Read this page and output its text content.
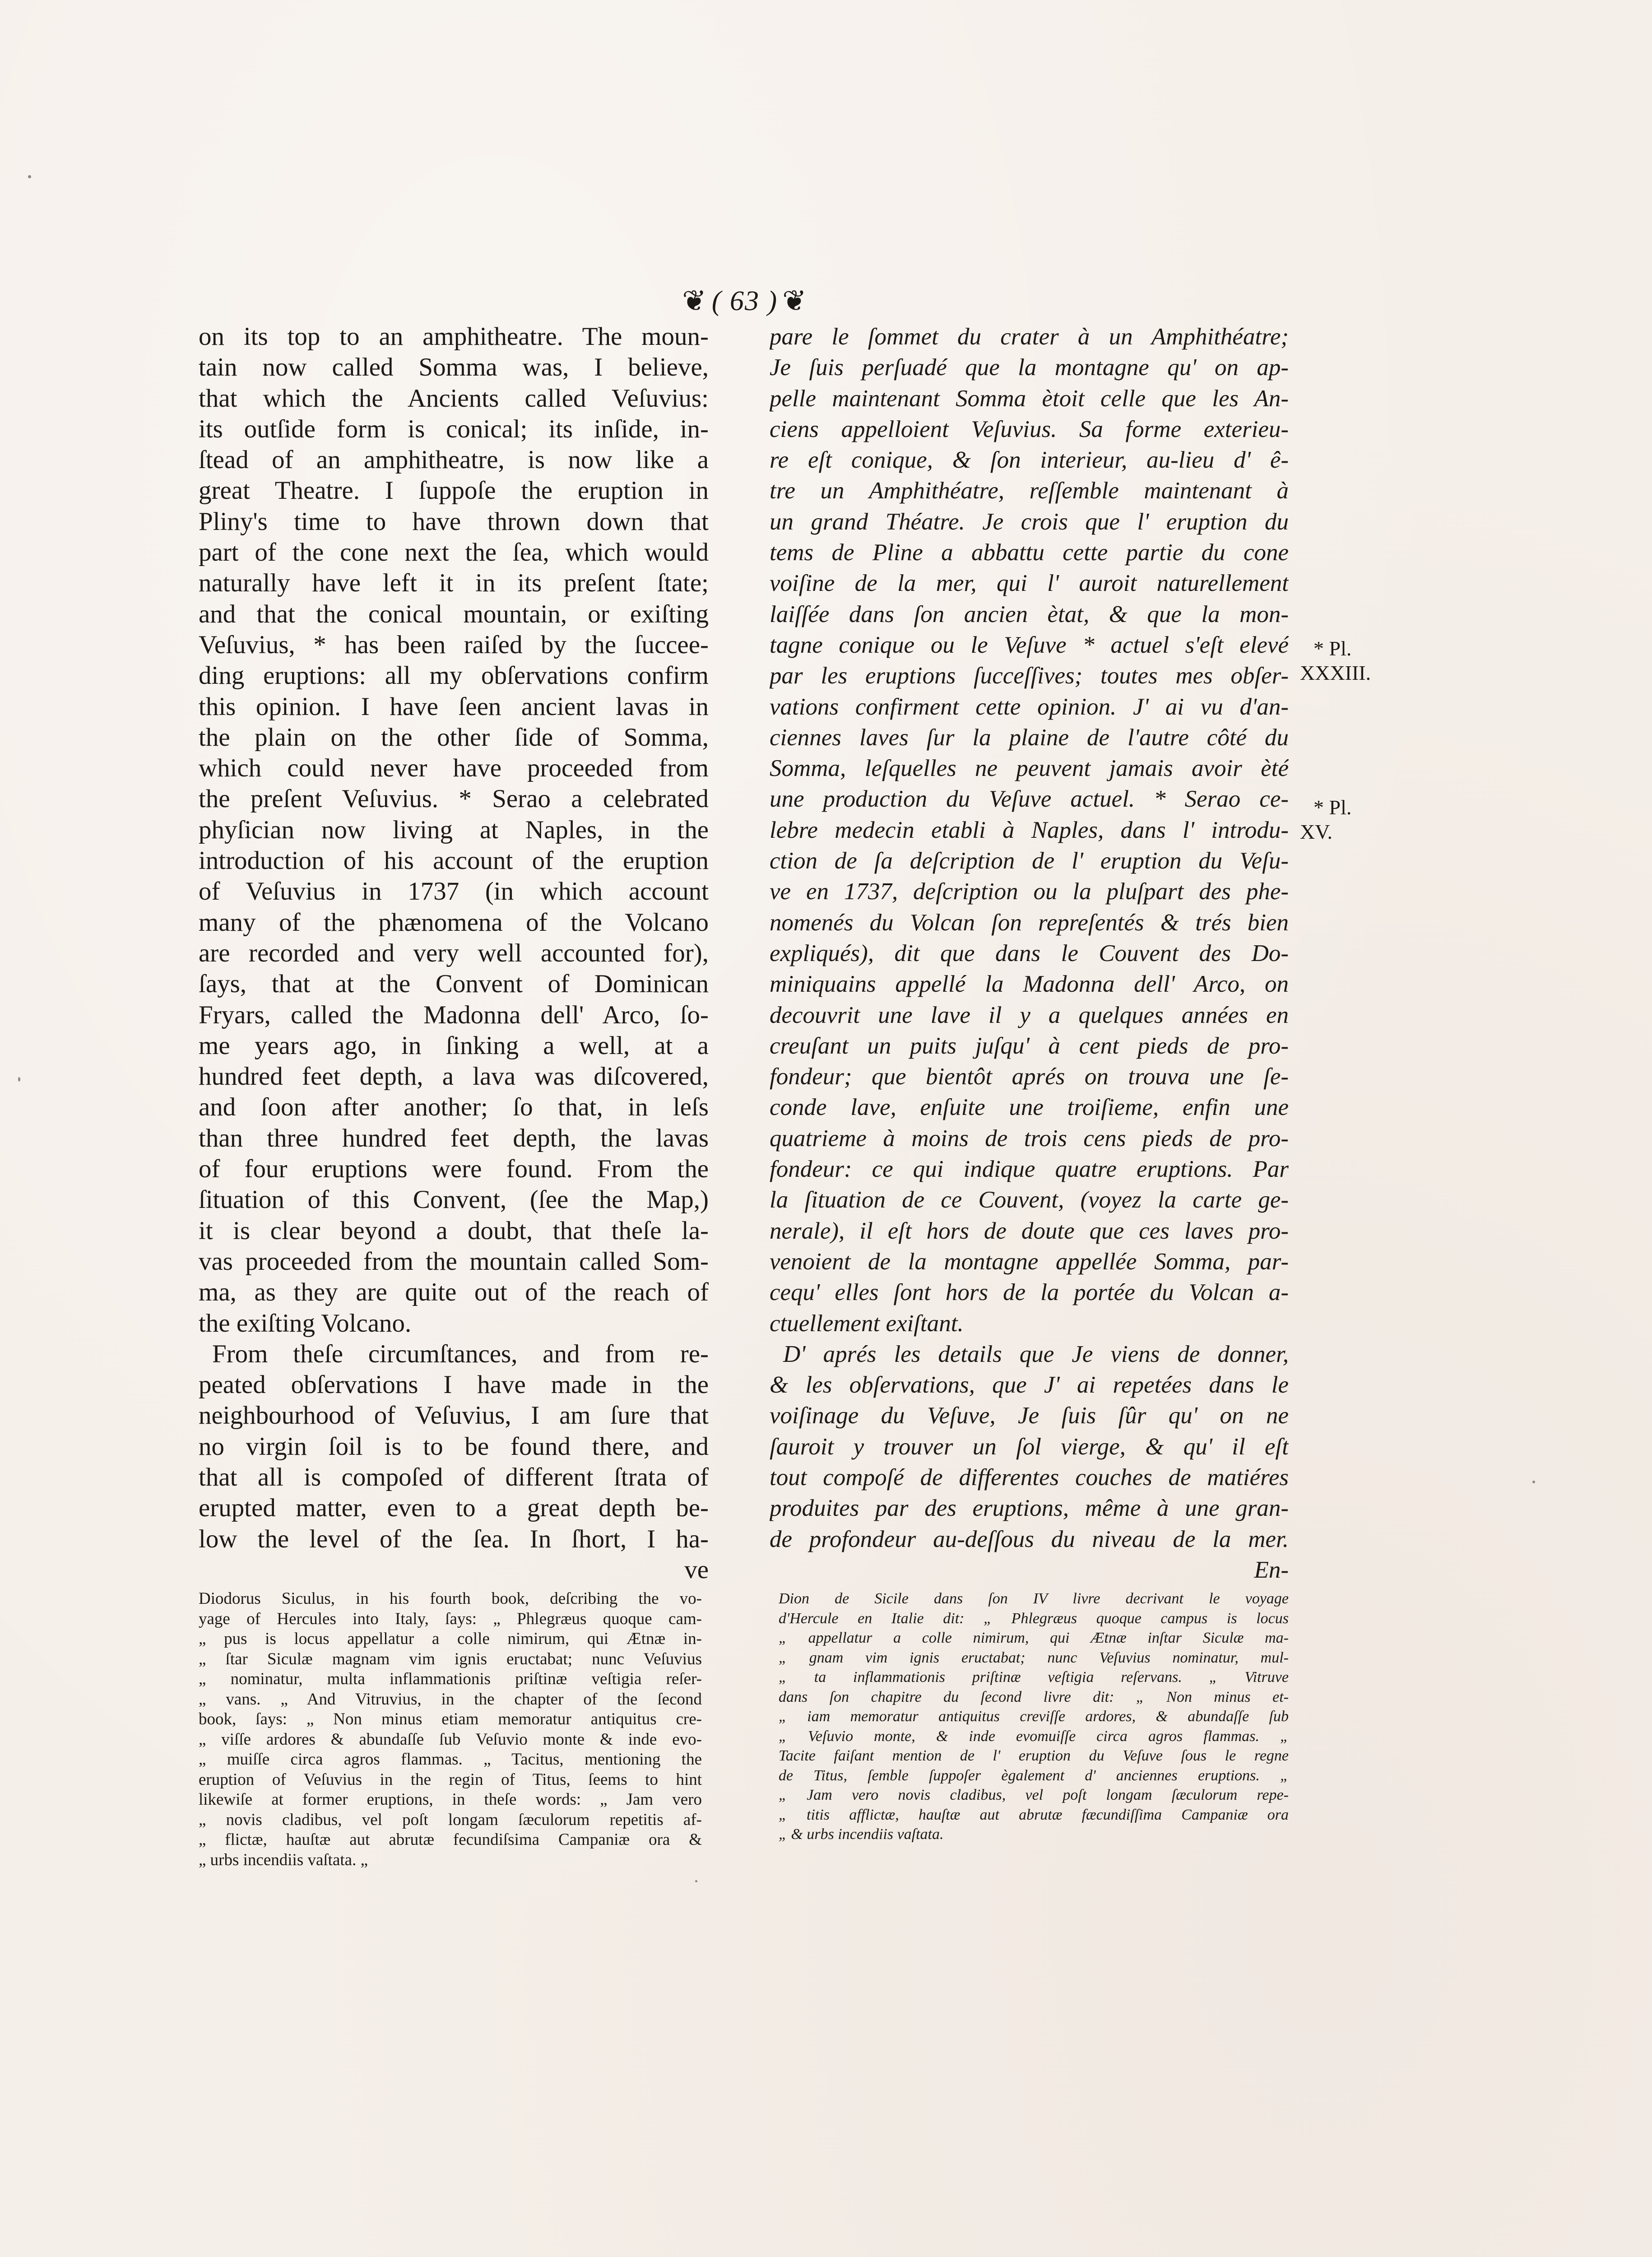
❦ ( 63 ) ❦
on its top to an amphitheatre. The moun-
tain now called Somma was, I believe,
that which the Ancients called Veſuvius:
its outſide form is conical; its inſide, in-
ſtead of an amphitheatre, is now like a
great Theatre. I ſuppoſe the eruption in
Pliny's time to have thrown down that
part of the cone next the ſea, which would
naturally have left it in its preſent ſtate;
and that the conical mountain, or exiſting
Veſuvius, * has been raiſed by the ſuccee-
ding eruptions: all my obſervations confirm
this opinion. I have ſeen ancient lavas in
the plain on the other ſide of Somma,
which could never have proceeded from
the preſent Veſuvius. * Serao a celebrated
phyſician now living at Naples, in the
introduction of his account of the eruption
of Veſuvius in 1737 (in which account
many of the phænomena of the Volcano
are recorded and very well accounted for),
ſays, that at the Convent of Dominican
Fryars, called the Madonna dell' Arco, ſo-
me years ago, in ſinking a well, at a
hundred feet depth, a lava was diſcovered,
and ſoon after another; ſo that, in leſs
than three hundred feet depth, the lavas
of four eruptions were found. From the
ſituation of this Convent, (ſee the Map,)
it is clear beyond a doubt, that theſe la-
vas proceeded from the mountain called Som-
ma, as they are quite out of the reach of
the exiſting Volcano.
From theſe circumſtances, and from re-
peated obſervations I have made in the
neighbourhood of Veſuvius, I am ſure that
no virgin ſoil is to be found there, and
that all is compoſed of different ſtrata of
erupted matter, even to a great depth be-
low the level of the ſea. In ſhort, I ha-
ve
pare le ſommet du crater à un Amphithéatre;
Je ſuis perſuadé que la montagne qu' on ap-
pelle maintenant Somma ètoit celle que les An-
ciens appelloient Veſuvius. Sa forme exterieu-
re eſt conique, & ſon interieur, au-lieu d' ê-
tre un Amphithéatre, reſſemble maintenant à
un grand Théatre. Je crois que l' eruption du
tems de Pline a abbattu cette partie du cone
voiſine de la mer, qui l' auroit naturellement
laiſſée dans ſon ancien ètat, & que la mon-
tagne conique ou le Veſuve * actuel s'eſt elevé
par les eruptions ſucceſſives; toutes mes obſer-
vations confirment cette opinion. J' ai vu d'an-
ciennes laves ſur la plaine de l'autre côté du
Somma, leſquelles ne peuvent jamais avoir èté
une production du Veſuve actuel. * Serao ce-
lebre medecin etabli à Naples, dans l' introdu-
ction de ſa deſcription de l' eruption du Veſu-
ve en 1737, deſcription ou la pluſpart des phe-
nomenés du Volcan ſon repreſentés & trés bien
expliqués), dit que dans le Couvent des Do-
miniquains appellé la Madonna dell' Arco, on
decouvrit une lave il y a quelques années en
creuſant un puits juſqu' à cent pieds de pro-
fondeur; que bientôt aprés on trouva une ſe-
conde lave, enſuite une troiſieme, enfin une
quatrieme à moins de trois cens pieds de pro-
fondeur: ce qui indique quatre eruptions. Par
la ſituation de ce Couvent, (voyez la carte ge-
nerale), il eſt hors de doute que ces laves pro-
venoient de la montagne appellée Somma, par-
cequ' elles ſont hors de la portée du Volcan a-
ctuellement exiſtant.
D' aprés les details que Je viens de donner,
& les obſervations, que J' ai repetées dans le
voiſinage du Veſuve, Je ſuis ſûr qu' on ne
ſauroit y trouver un ſol vierge, & qu' il eſt
tout compoſé de differentes couches de matiéres
produites par des eruptions, même à une gran-
de profondeur au-deſſous du niveau de la mer.
En-
* Pl.
XXXIII.
* Pl.
XV.
Diodorus Siculus, in his fourth book, deſcribing the vo-
yage of Hercules into Italy, ſays: „ Phlegræus quoque cam-
„ pus is locus appellatur a colle nimirum, qui Ætnæ in-
„ ſtar Siculæ magnam vim ignis eructabat; nunc Veſuvius
„ nominatur, multa inflammationis priſtinæ veſtigia reſer-
„ vans. „ And Vitruvius, in the chapter of the ſecond
book, ſays: „ Non minus etiam memoratur antiquitus cre-
„ viſſe ardores & abundaſſe ſub Veſuvio monte & inde evo-
„ muiſſe circa agros flammas. „ Tacitus, mentioning the
eruption of Veſuvius in the regin of Titus, ſeems to hint
likewiſe at former eruptions, in theſe words: „ Jam vero
„ novis cladibus, vel poſt longam ſæculorum repetitis af-
„ flictæ, hauſtæ aut abrutæ fecundiſsima Campaniæ ora &
„ urbs incendiis vaſtata. „
Dion de Sicile dans ſon IV livre decrivant le voyage
d'Hercule en Italie dit: „ Phlegræus quoque campus is locus
„ appellatur a colle nimirum, qui Ætnæ inſtar Siculæ ma-
„ gnam vim ignis eructabat; nunc Veſuvius nominatur, mul-
„ ta inflammationis priſtinæ veſtigia reſervans. „ Vitruve
dans ſon chapitre du ſecond livre dit: „ Non minus et-
„ iam memoratur antiquitus creviſſe ardores, & abundaſſe ſub
„ Veſuvio monte, & inde evomuiſſe circa agros flammas. „
Tacite faiſant mention de l' eruption du Veſuve ſous le regne
de Titus, ſemble ſuppoſer ègalement d' anciennes eruptions. „
„ Jam vero novis cladibus, vel poſt longam ſæculorum repe-
„ titis afflictæ, hauſtæ aut abrutæ fæcundiſſima Campaniæ ora
„ & urbs incendiis vaſtata.
